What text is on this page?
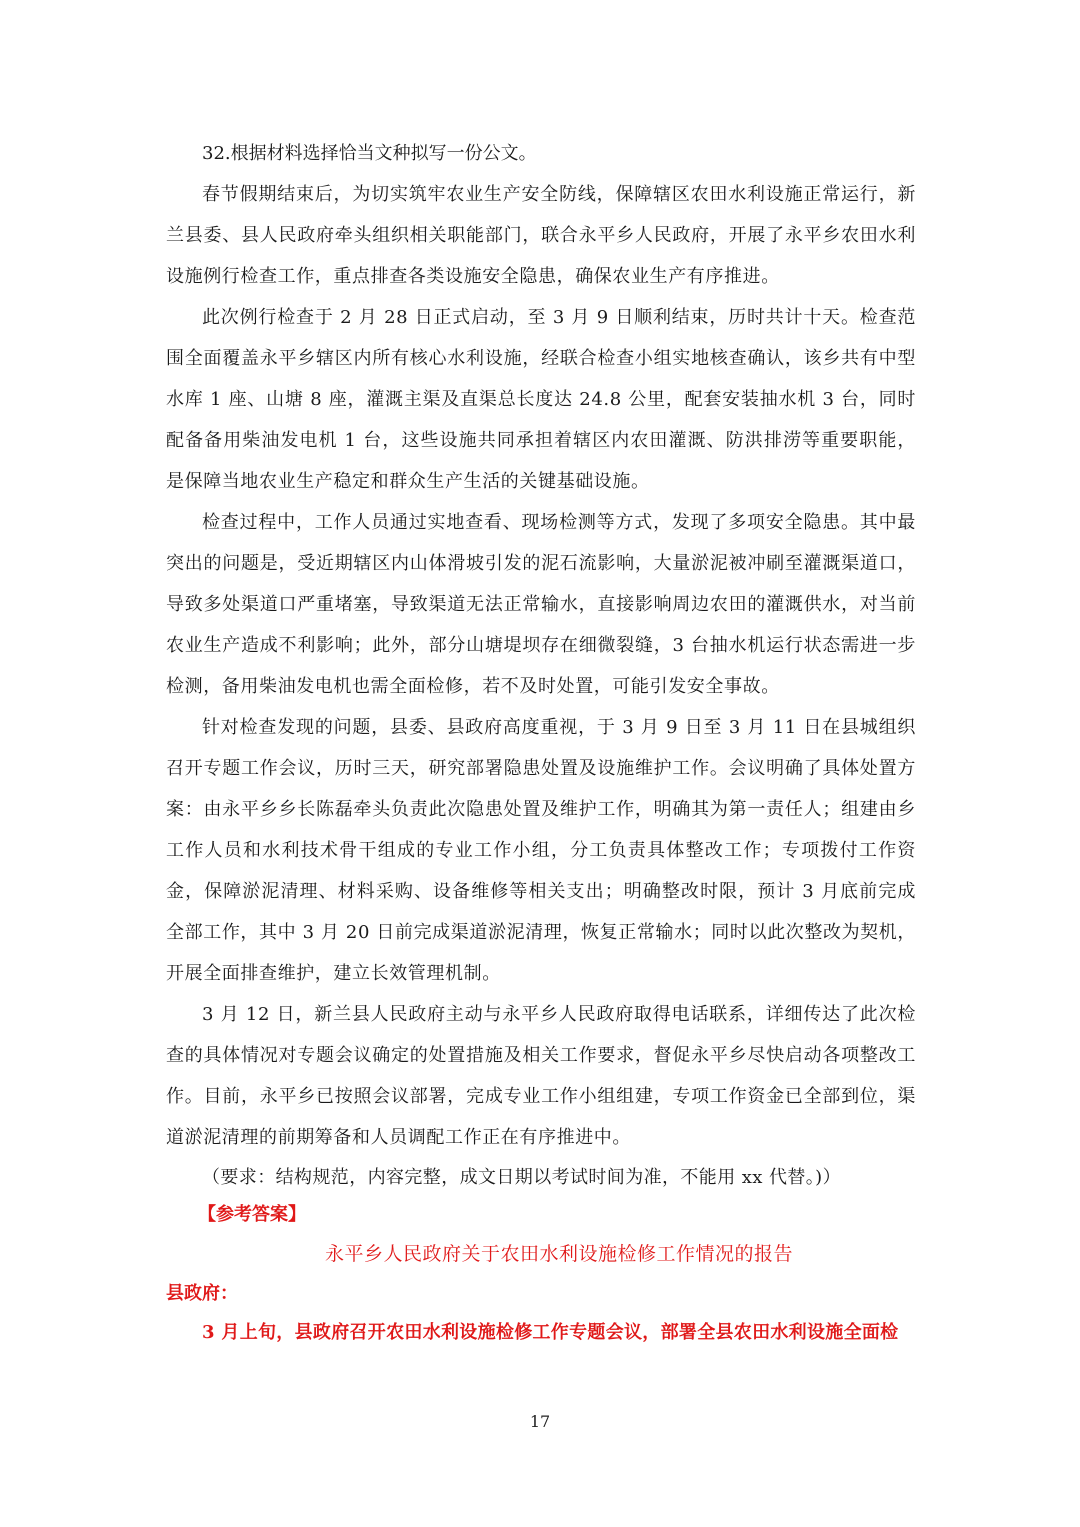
32.根据材料选择恰当文种拟写一份公文。

春节假期结束后，为切实筑牢农业生产安全防线，保障辖区农田水利设施正常运行，新兰县委、县人民政府牵头组织相关职能部门，联合永平乡人民政府，开展了永平乡农田水利设施例行检查工作，重点排查各类设施安全隐患，确保农业生产有序推进。

此次例行检查于 2 月 28 日正式启动，至 3 月 9 日顺利结束，历时共计十天。检查范围全面覆盖永平乡辖区内所有核心水利设施，经联合检查小组实地核查确认，该乡共有中型水库 1 座、山塘 8 座，灌溉主渠及直渠总长度达 24.8 公里，配套安装抽水机 3 台，同时配备备用柴油发电机 1 台，这些设施共同承担着辖区内农田灌溉、防洪排涝等重要职能，是保障当地农业生产稳定和群众生产生活的关键基础设施。

检查过程中，工作人员通过实地查看、现场检测等方式，发现了多项安全隐患。其中最突出的问题是，受近期辖区内山体滑坡引发的泥石流影响，大量淤泥被冲刷至灌溉渠道口，导致多处渠道口严重堵塞，导致渠道无法正常输水，直接影响周边农田的灌溉供水，对当前农业生产造成不利影响；此外，部分山塘堤坝存在细微裂缝，3 台抽水机运行状态需进一步检测，备用柴油发电机也需全面检修，若不及时处置，可能引发安全事故。

针对检查发现的问题，县委、县政府高度重视，于 3 月 9 日至 3 月 11 日在县城组织召开专题工作会议，历时三天，研究部署隐患处置及设施维护工作。会议明确了具体处置方案：由永平乡乡长陈磊牵头负责此次隐患处置及维护工作，明确其为第一责任人；组建由乡工作人员和水利技术骨干组成的专业工作小组，分工负责具体整改工作；专项拨付工作资金，保障淤泥清理、材料采购、设备维修等相关支出；明确整改时限，预计 3 月底前完成全部工作，其中 3 月 20 日前完成渠道淤泥清理，恢复正常输水；同时以此次整改为契机，开展全面排查维护，建立长效管理机制。

3 月 12 日，新兰县人民政府主动与永平乡人民政府取得电话联系，详细传达了此次检查的具体情况对专题会议确定的处置措施及相关工作要求，督促永平乡尽快启动各项整改工作。目前，永平乡已按照会议部署，完成专业工作小组组建，专项工作资金已全部到位，渠道淤泥清理的前期筹备和人员调配工作正在有序推进中。

（要求：结构规范，内容完整，成文日期以考试时间为准，不能用 xx 代替。)）

【参考答案】

永平乡人民政府关于农田水利设施检修工作情况的报告

县政府：

3 月上旬，县政府召开农田水利设施检修工作专题会议，部署全县农田水利设施全面检

17
